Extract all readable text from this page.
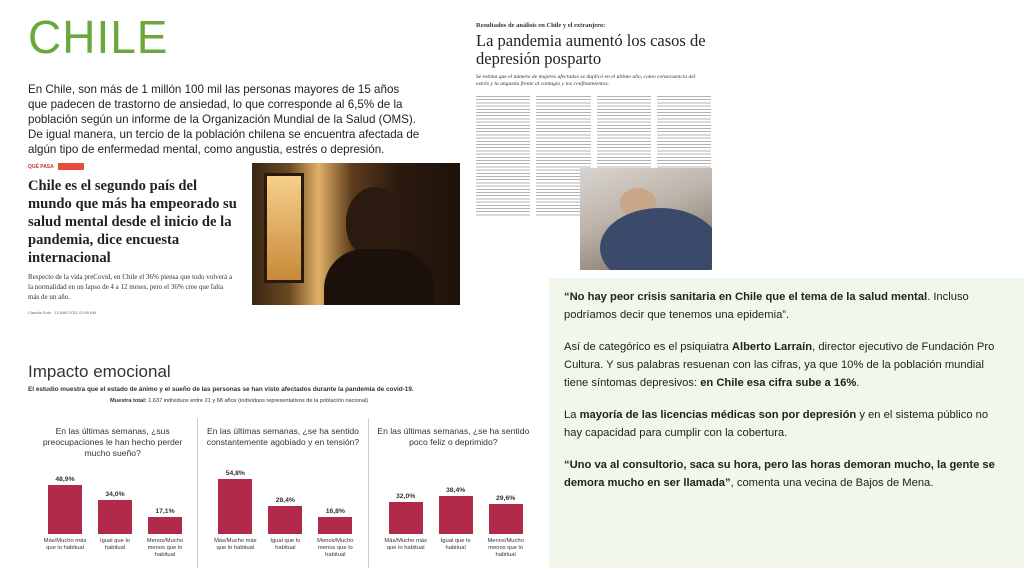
CHILE
En Chile, son más de 1 millón 100 mil las personas mayores de 15 años que padecen de trastorno de ansiedad, lo que corresponde al 6,5% de la población según un informe de la Organización Mundial de la Salud (OMS). De igual manera, un tercio de la población chilena se encuentra afectada de algún tipo de enfermedad mental, como angustia, estrés o depresión.
QUÉ PASA
Chile es el segundo país del mundo que más ha empeorado su salud mental desde el inicio de la pandemia, dice encuesta internacional
Respecto de la vida preCovid, en Chile el 36% piensa que todo volverá a la normalidad en un lapso de 4 a 12 meses, pero el 36% cree que falta más de un año.
Claudia Soto · 13 ABR 2021 03:59 AM
Resultados de análisis en Chile y el extranjero:
La pandemia aumentó los casos de depresión posparto
Se estima que el número de mujeres afectadas se duplicó en el último año, como consecuencia del estrés y la angustia frente al contagio y los confinamientos.

“No hay peor crisis sanitaria en Chile que el tema de la salud mental. Incluso podríamos decir que tenemos una epidemia”.

Así de categórico es el psiquiatra Alberto Larraín, director ejecutivo de Fundación Pro Cultura. Y sus palabras resuenan con las cifras, ya que 10% de la población mundial tiene síntomas depresivos: en Chile esa cifra sube a 16%.

La mayoría de las licencias médicas son por depresión y en el sistema público no hay capacidad para cumplir con la cobertura.

“Uno va al consultorio, saca su hora, pero las horas demoran mucho, la gente se demora mucho en ser llamada”, comenta una vecina de Bajos de Mena.

Impacto emocional
El estudio muestra que el estado de ánimo y el sueño de las personas se han visto afectados durante la pandemia de covid-19.
Muestra total: 1.637 individuos entre 21 y 68 años (individuos representativos de la población nacional)
En las últimas semanas, ¿sus preocupaciones le han hecho perder mucho sueño?
Más/Mucho más que lo habitual
Igual que lo habitual
Menos/Mucho menos que lo habitual
48,9%
34,0%
17,1%
En las últimas semanas, ¿se ha sentido constantemente agobiado y en tensión?
Más/Mucho más que lo habitual
Igual que lo habitual
Menos/Mucho menos que lo habitual
54,8%
28,4%
16,8%
En las últimas semanas, ¿se ha sentido poco feliz o deprimido?
Más/Mucho más que lo habitual
Igual que lo habitual
Menos/Mucho menos que lo habitual
32,0%
38,4%
29,6%
